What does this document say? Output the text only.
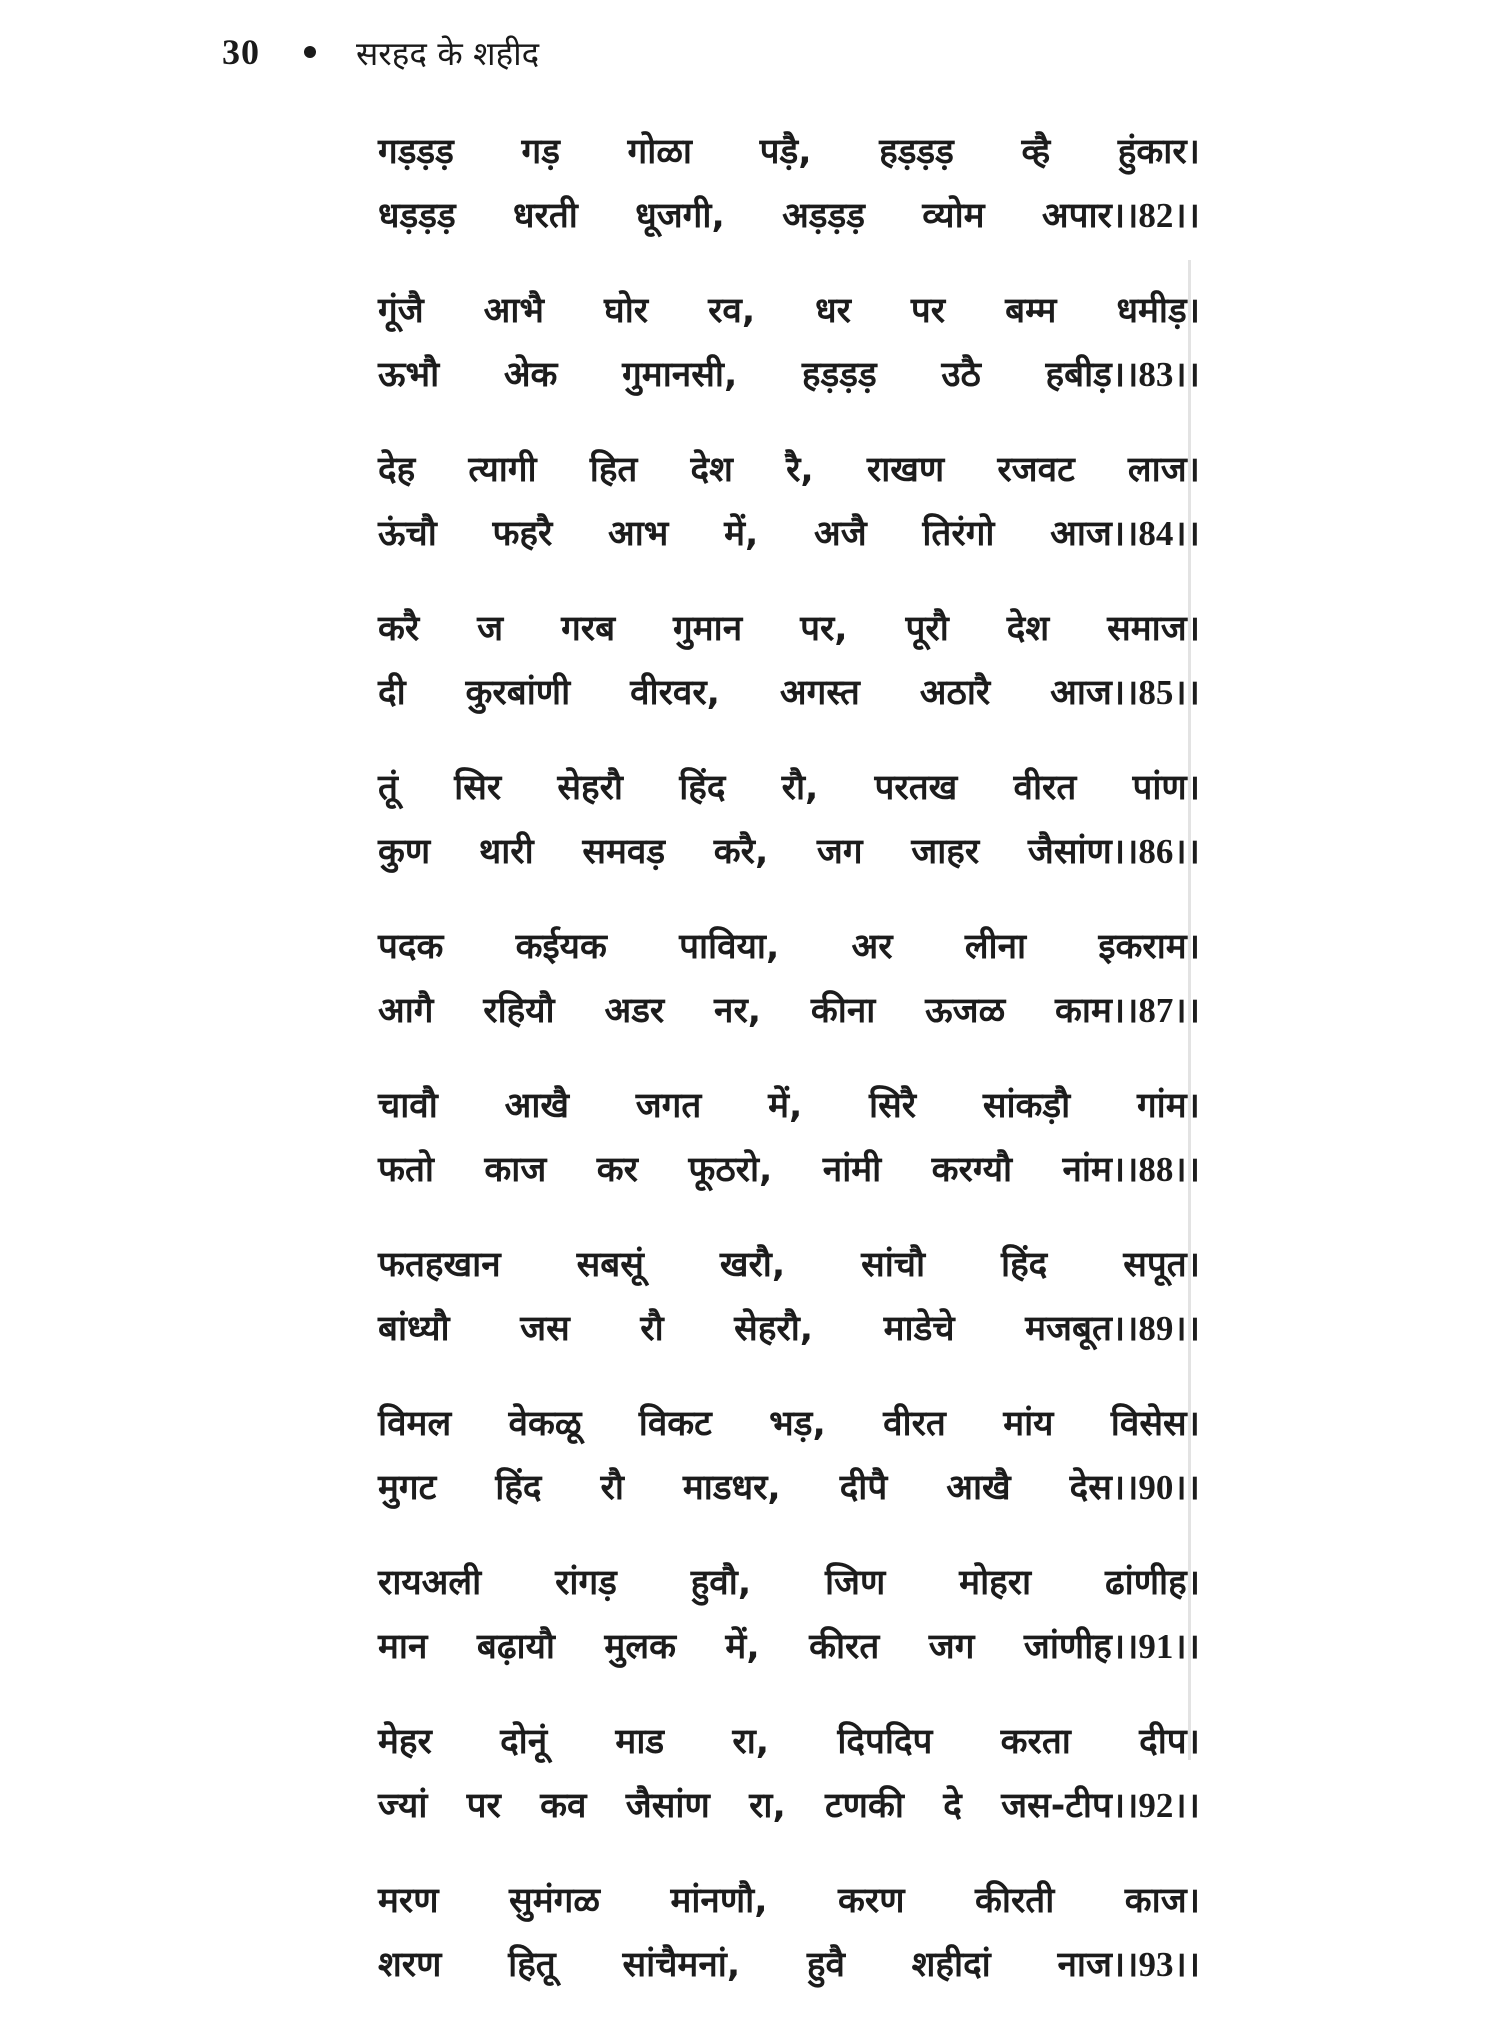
30	सरहद के शहीद
गड़ड़ड़ गड़ गोळा पड़ै, हड़ड़ड़ व्है हुंकार।
धड़ड़ड़ धरती धूजगी, अड़ड़ड़ व्योम अपार।।82।।
गूंजै आभै घोर रव, धर पर बम्म धमीड़।
ऊभौ अेक गुमानसी, हड़ड़ड़ उठै हबीड़।।83।।
देह त्यागी हित देश रै, राखण रजवट लाज।
ऊंचौ फहरै आभ में, अजै तिरंगो आज।।84।।
करै ज गरब गुमान पर, पूरौ देश समाज।
दी कुरबांणी वीरवर, अगस्त अठारै आज।।85।।
तूं सिर सेहरौ हिंद रौ, परतख वीरत पांण।
कुण थारी समवड़ करै, जग जाहर जैसांण।।86।।
पदक कईयक पाविया, अर लीना इकराम।
आगै रहियौ अडर नर, कीना ऊजळ काम।।87।।
चावौ आखै जगत में, सिरै सांकड़ौ गांम।
फतो काज कर फूठरो, नांमी करग्यौ नांम।।88।।
फतहखान सबसूं खरौ, सांचौ हिंद सपूत।
बांध्यौ जस रौ सेहरौ, माडेचे मजबूत।।89।।
विमल वेकळू विकट भड़, वीरत मांय विसेस।
मुगट हिंद रौ माडधर, दीपै आखै देस।।90।।
रायअली रांगड़ हुवौ, जिण मोहरा ढांणीह।
मान बढ़ायौ मुलक में, कीरत जग जांणीह।।91।।
मेहर दोनूं माड रा, दिपदिप करता दीप।
ज्यां पर कव जैसांण रा, टणकी दे जस-टीप।।92।।
मरण सुमंगळ मांनणौ, करण कीरती काज।
शरण हितू सांचैमनां, हुवै शहीदां नाज।।93।।
